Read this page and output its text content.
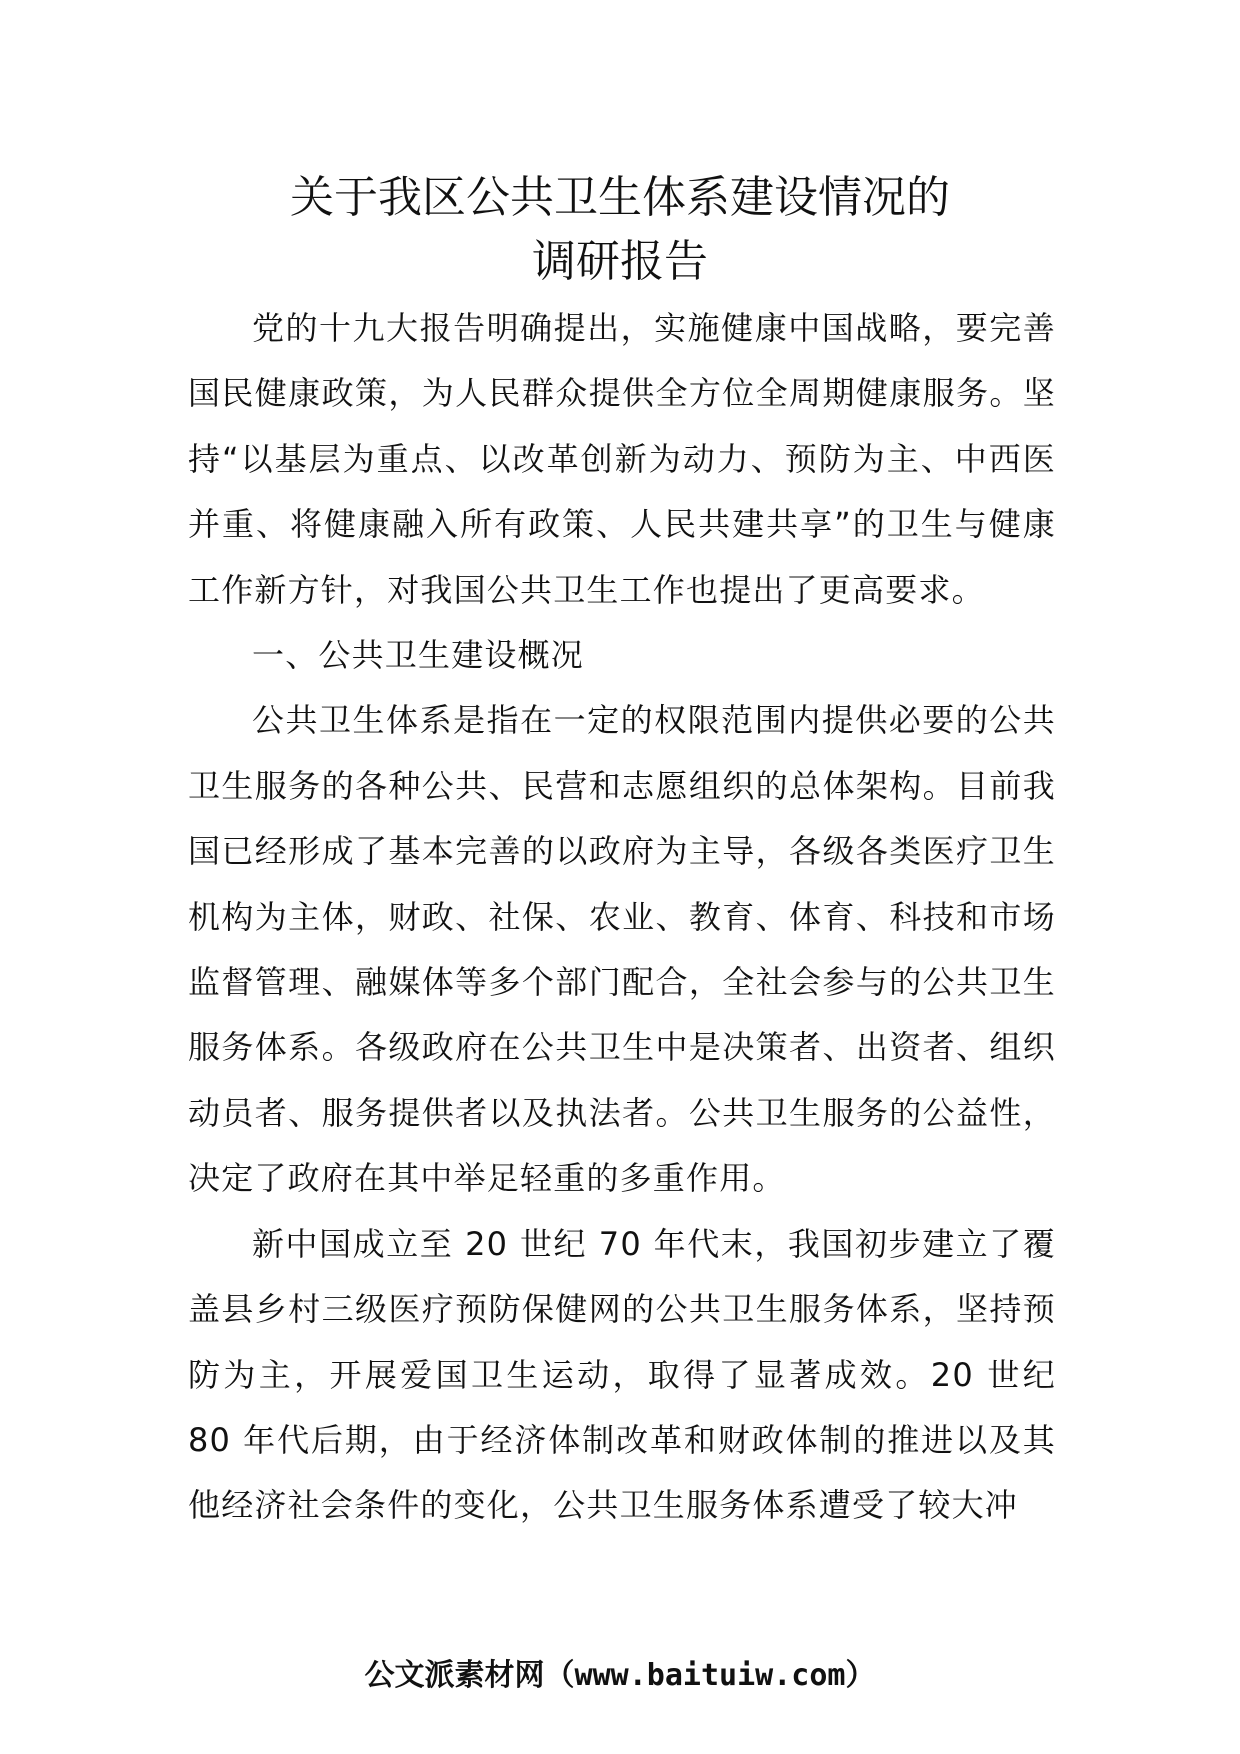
关于我区公共卫生体系建设情况的
调研报告

党的十九大报告明确提出，实施健康中国战略，要完善国民健康政策，为人民群众提供全方位全周期健康服务。坚持“以基层为重点、以改革创新为动力、预防为主、中西医并重、将健康融入所有政策、人民共建共享”的卫生与健康工作新方针，对我国公共卫生工作也提出了更高要求。

一、公共卫生建设概况

公共卫生体系是指在一定的权限范围内提供必要的公共卫生服务的各种公共、民营和志愿组织的总体架构。目前我国已经形成了基本完善的以政府为主导，各级各类医疗卫生机构为主体，财政、社保、农业、教育、体育、科技和市场监督管理、融媒体等多个部门配合，全社会参与的公共卫生服务体系。各级政府在公共卫生中是决策者、出资者、组织动员者、服务提供者以及执法者。公共卫生服务的公益性，决定了政府在其中举足轻重的多重作用。

新中国成立至 20 世纪 70 年代末，我国初步建立了覆盖县乡村三级医疗预防保健网的公共卫生服务体系，坚持预防为主，开展爱国卫生运动，取得了显著成效。20 世纪 80 年代后期，由于经济体制改革和财政体制的推进以及其他经济社会条件的变化，公共卫生服务体系遭受了较大冲

公文派素材网（www.baituiw.com）
